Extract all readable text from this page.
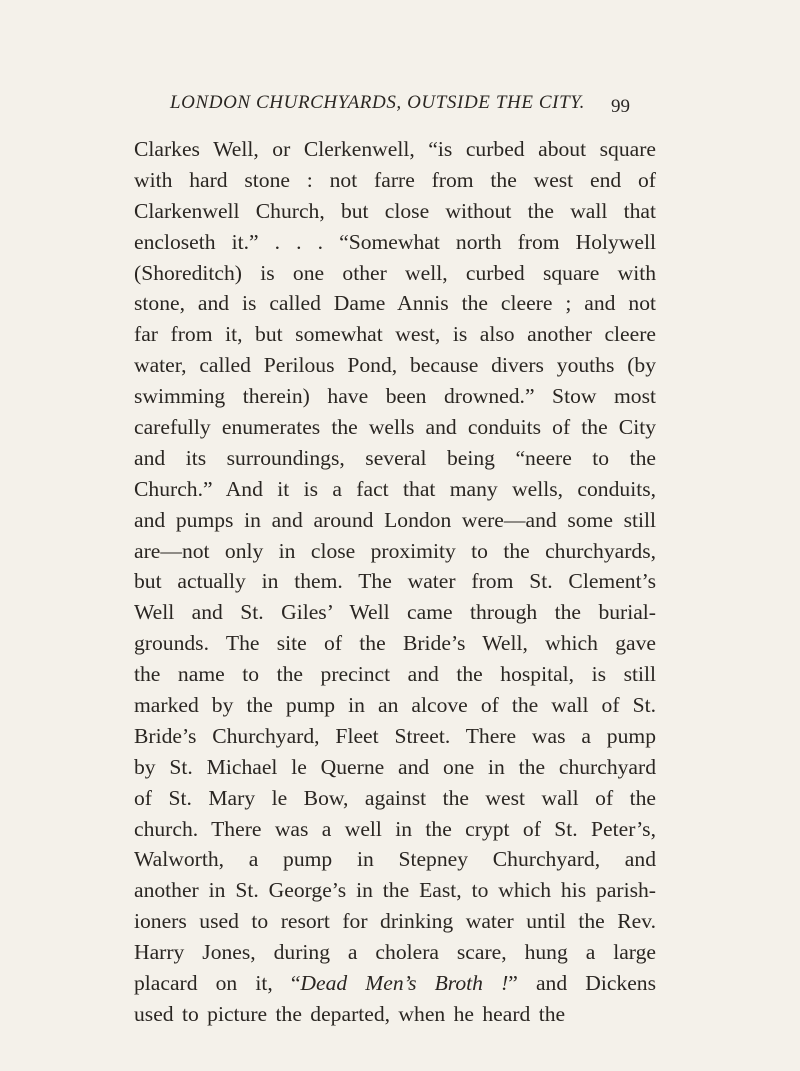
LONDON CHURCHYARDS, OUTSIDE THE CITY. 99
Clarkes Well, or Clerkenwell, “is curbed about square
with hard stone : not farre from the west end of
Clarkenwell Church, but close without the wall that
encloseth it.” . . . “Somewhat north from Holywell
(Shoreditch) is one other well, curbed square with
stone, and is called Dame Annis the cleere ; and not
far from it, but somewhat west, is also another cleere
water, called Perilous Pond, because divers youths (by
swimming therein) have been drowned.” Stow most
carefully enumerates the wells and conduits of the City
and its surroundings, several being “neere to the
Church.” And it is a fact that many wells, conduits,
and pumps in and around London were—and some still
are—not only in close proximity to the churchyards,
but actually in them. The water from St. Clement’s
Well and St. Giles’ Well came through the burial-
grounds. The site of the Bride’s Well, which gave
the name to the precinct and the hospital, is still
marked by the pump in an alcove of the wall of St.
Bride’s Churchyard, Fleet Street. There was a pump
by St. Michael le Querne and one in the churchyard
of St. Mary le Bow, against the west wall of the
church. There was a well in the crypt of St. Peter’s,
Walworth, a pump in Stepney Churchyard, and
another in St. George’s in the East, to which his parish-
ioners used to resort for drinking water until the Rev.
Harry Jones, during a cholera scare, hung a large
placard on it, “Dead Men’s Broth !” and Dickens
used to picture the departed, when he heard the
